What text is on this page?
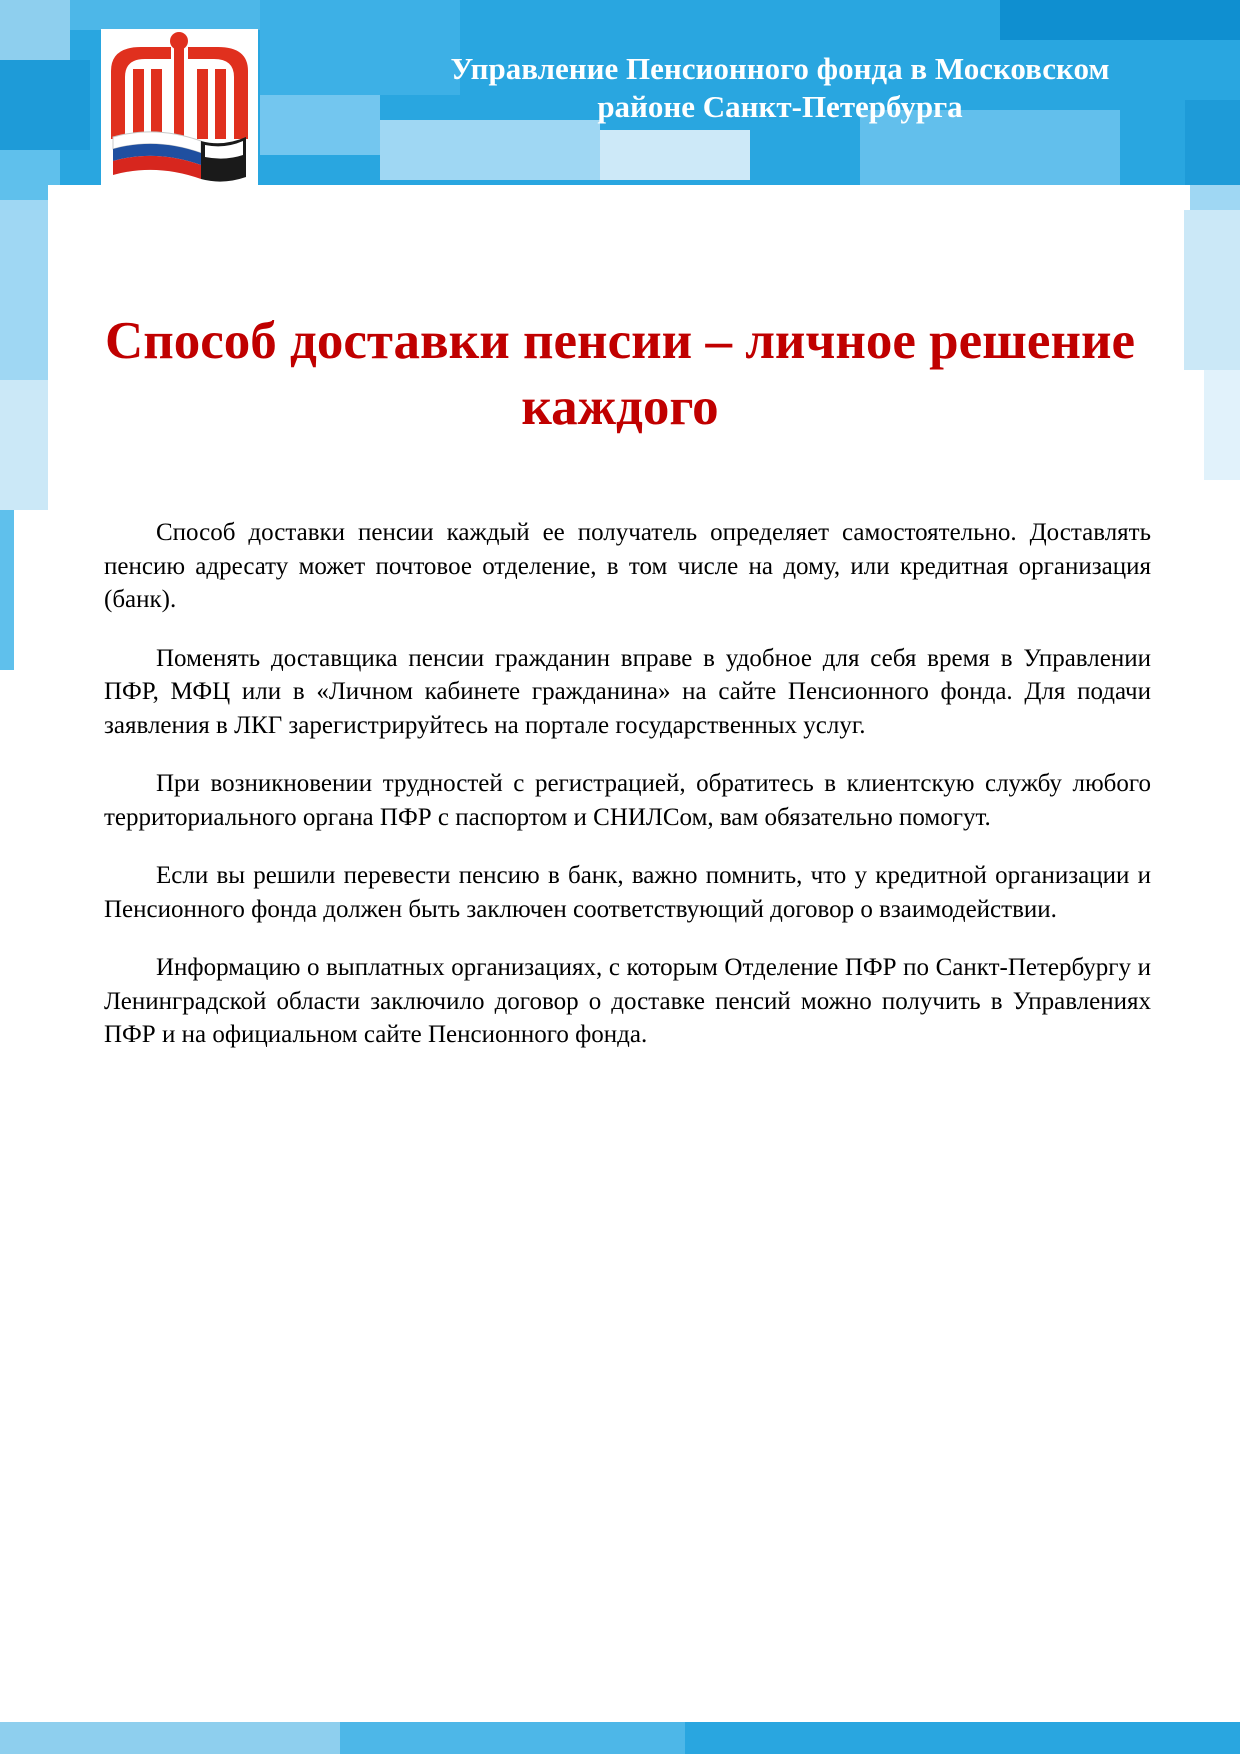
Управление Пенсионного фонда в Московском
районе Санкт-Петербурга
Способ доставки пенсии – личное решение
каждого

Способ доставки пенсии каждый ее получатель определяет самостоятельно. Доставлять пенсию адресату может почтовое отделение, в том числе на дому, или кредитная организация (банк).

Поменять доставщика пенсии гражданин вправе в удобное для себя время в Управлении ПФР, МФЦ или в «Личном кабинете гражданина» на сайте Пенсионного фонда. Для подачи заявления в ЛКГ зарегистрируйтесь на портале государственных услуг.

При возникновении трудностей с регистрацией, обратитесь в клиентскую службу любого территориального органа ПФР с паспортом и СНИЛСом, вам обязательно помогут.

Если вы решили перевести пенсию в банк, важно помнить, что у кредитной организации и Пенсионного фонда должен быть заключен соответствующий договор о взаимодействии.

Информацию о выплатных организациях, с которым Отделение ПФР по Санкт-Петербургу и Ленинградской области заключило договор о доставке пенсий можно получить в Управлениях ПФР и на официальном сайте Пенсионного фонда.
